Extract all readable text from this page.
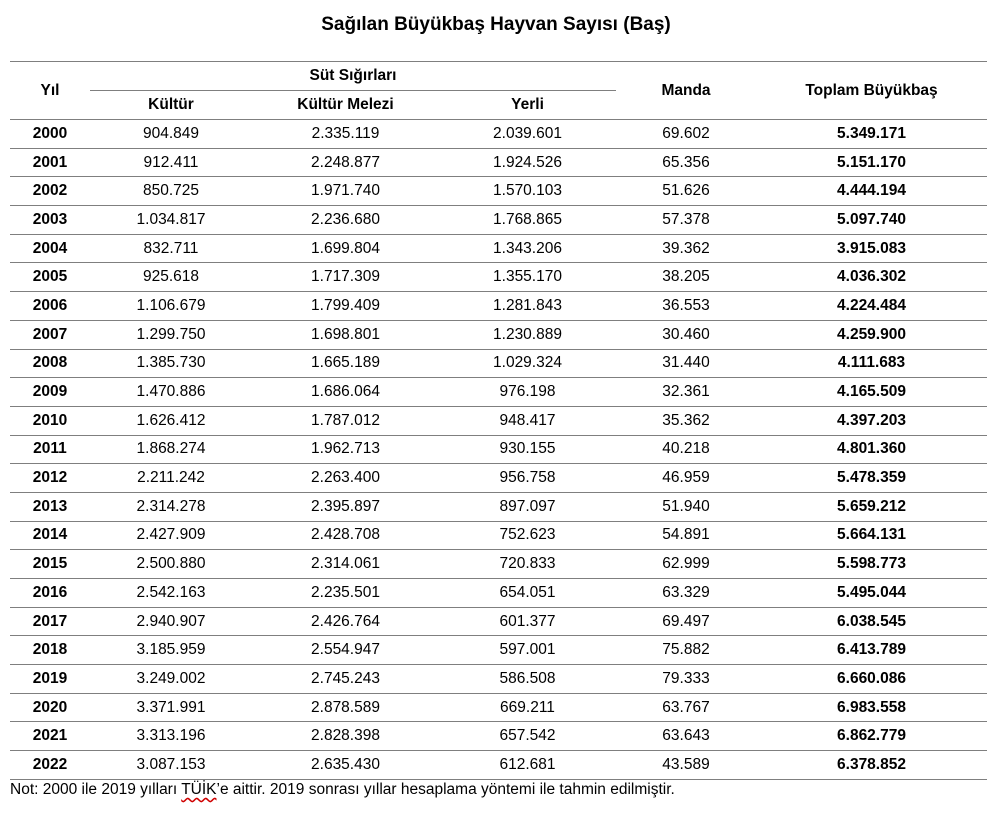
Sağılan Büyükbaş Hayvan Sayısı (Baş)
Yıl	Süt Sığırları			Manda	Toplam Büyükbaş
	Kültür	Kültür Melezi	Yerli		
2000	904.849	2.335.119	2.039.601	69.602	5.349.171
2001	912.411	2.248.877	1.924.526	65.356	5.151.170
2002	850.725	1.971.740	1.570.103	51.626	4.444.194
2003	1.034.817	2.236.680	1.768.865	57.378	5.097.740
2004	832.711	1.699.804	1.343.206	39.362	3.915.083
2005	925.618	1.717.309	1.355.170	38.205	4.036.302
2006	1.106.679	1.799.409	1.281.843	36.553	4.224.484
2007	1.299.750	1.698.801	1.230.889	30.460	4.259.900
2008	1.385.730	1.665.189	1.029.324	31.440	4.111.683
2009	1.470.886	1.686.064	976.198	32.361	4.165.509
2010	1.626.412	1.787.012	948.417	35.362	4.397.203
2011	1.868.274	1.962.713	930.155	40.218	4.801.360
2012	2.211.242	2.263.400	956.758	46.959	5.478.359
2013	2.314.278	2.395.897	897.097	51.940	5.659.212
2014	2.427.909	2.428.708	752.623	54.891	5.664.131
2015	2.500.880	2.314.061	720.833	62.999	5.598.773
2016	2.542.163	2.235.501	654.051	63.329	5.495.044
2017	2.940.907	2.426.764	601.377	69.497	6.038.545
2018	3.185.959	2.554.947	597.001	75.882	6.413.789
2019	3.249.002	2.745.243	586.508	79.333	6.660.086
2020	3.371.991	2.878.589	669.211	63.767	6.983.558
2021	3.313.196	2.828.398	657.542	63.643	6.862.779
2022	3.087.153	2.635.430	612.681	43.589	6.378.852
Not: 2000 ile 2019 yılları TÜİK’e aittir. 2019 sonrası yıllar hesaplama yöntemi ile tahmin edilmiştir.
